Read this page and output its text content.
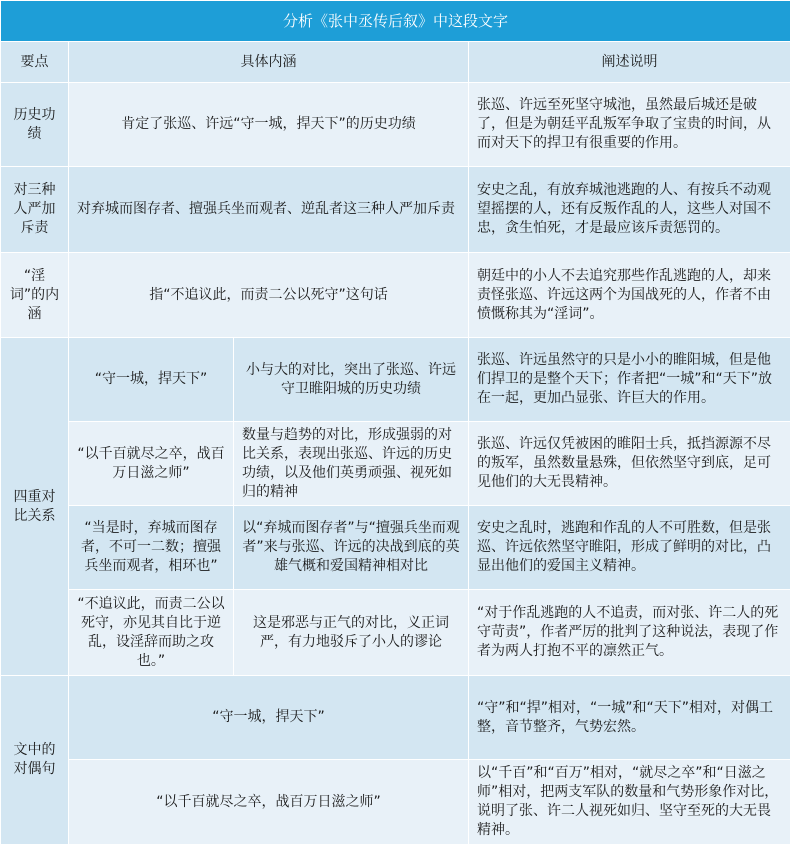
分析《张中丞传后叙》中这段文字			
要点	具体内涵		阐述说明
历史功绩	肯定了张巡、许远“守一城，捍天下”的历史功绩		张巡、许远至死坚守城池，虽然最后城还是破了，但是为朝廷平乱叛军争取了宝贵的时间，从而对天下的捍卫有很重要的作用。
对三种人严加斥责	对弃城而图存者、擅强兵坐而观者、逆乱者这三种人严加斥责		安史之乱，有放弃城池逃跑的人、有按兵不动观望摇摆的人，还有反叛作乱的人，这些人对国不忠，贪生怕死，才是最应该斥责惩罚的。
“淫词”的内涵	指“不追议此，而责二公以死守”这句话		朝廷中的小人不去追究那些作乱逃跑的人，却来责怪张巡、许远这两个为国战死的人，作者不由愤慨称其为“淫词”。
四重对比关系	“守一城，捍天下”	小与大的对比，突出了张巡、许远守卫睢阳城的历史功绩	张巡、许远虽然守的只是小小的睢阳城，但是他们捍卫的是整个天下；作者把“一城”和“天下”放在一起，更加凸显张、许巨大的作用。
	“以千百就尽之卒，战百万日滋之师”	数量与趋势的对比，形成强弱的对比关系，表现出张巡、许远的历史功绩，以及他们英勇顽强、视死如归的精神	张巡、许远仅凭被困的睢阳士兵，抵挡源源不尽的叛军，虽然数量悬殊，但依然坚守到底，足可见他们的大无畏精神。
	“当是时，弃城而图存者，不可一二数；擅强兵坐而观者，相环也”	以“弃城而图存者”与“擅强兵坐而观者”来与张巡、许远的决战到底的英雄气概和爱国精神相对比	安史之乱时，逃跑和作乱的人不可胜数，但是张巡、许远依然坚守睢阳，形成了鲜明的对比，凸显出他们的爱国主义精神。
	“不追议此，而责二公以死守，亦见其自比于逆乱，设淫辞而助之攻也。”	这是邪恶与正气的对比，义正词严，有力地驳斥了小人的谬论	“对于作乱逃跑的人不追责，而对张、许二人的死守苛责”，作者严厉的批判了这种说法，表现了作者为两人打抱不平的凛然正气。
文中的对偶句	“守一城，捍天下”		“守”和“捍”相对，“一城”和“天下”相对，对偶工整，音节整齐，气势宏然。
	“以千百就尽之卒，战百万日滋之师”		以“千百”和“百万”相对，“就尽之卒”和“日滋之师”相对，把两支军队的数量和气势形象作对比，说明了张、许二人视死如归、坚守至死的大无畏精神。
